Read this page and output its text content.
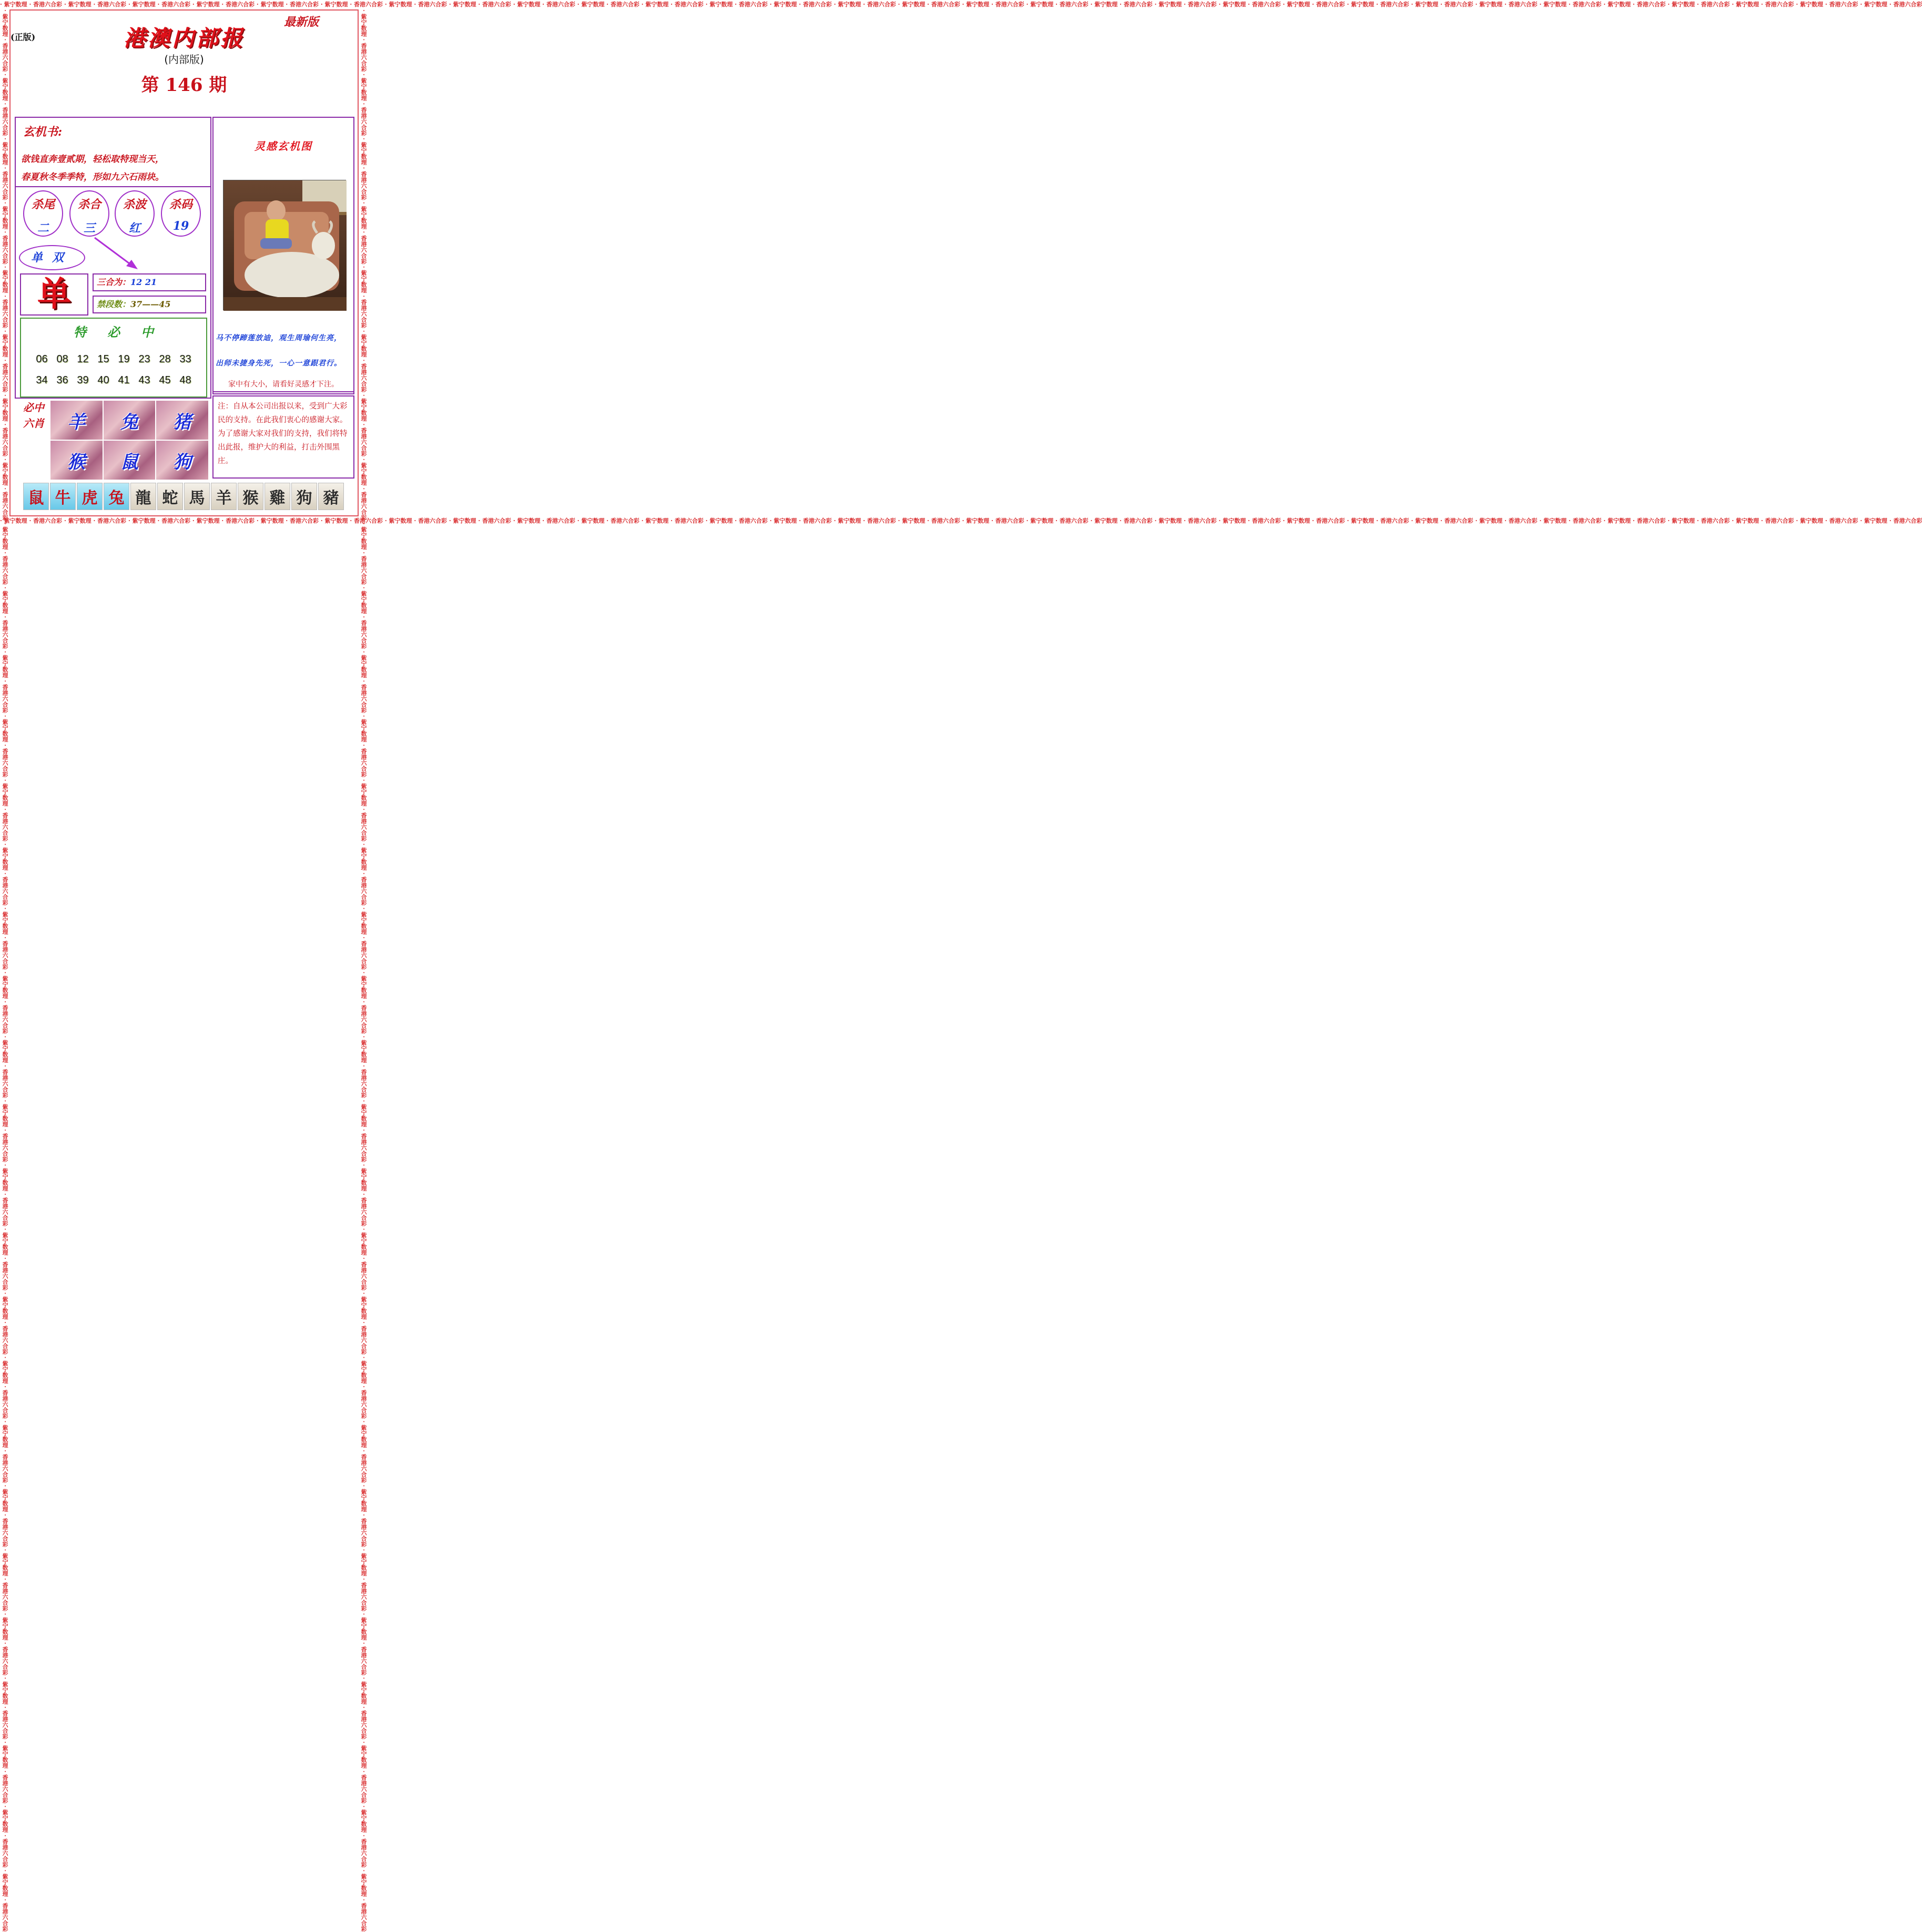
· 紫宁数理 · 香港六合彩 · 紫宁数理 · 香港六合彩 · 紫宁数理 · 香港六合彩 · 紫宁数理 · 香港六合彩 · 紫宁数理 · 香港六合彩 · 紫宁数理 · 香港六合彩 · 紫宁数理 · 香港六合彩 · 紫宁数理 · 香港六合彩 · 紫宁数理 · 香港六合彩 · 紫宁数理 · 香港六合彩 · 紫宁数理 · 香港六合彩 · 紫宁数理 · 香港六合彩 · 紫宁数理 · 香港六合彩 · 紫宁数理 · 香港六合彩 · 紫宁数理 · 香港六合彩 · 紫宁数理 · 香港六合彩 · 紫宁数理 · 香港六合彩 · 紫宁数理 · 香港六合彩 · 紫宁数理 · 香港六合彩 · 紫宁数理 · 香港六合彩 · 紫宁数理 · 香港六合彩 · 紫宁数理 · 香港六合彩 · 紫宁数理 · 香港六合彩 · 紫宁数理 · 香港六合彩 · 紫宁数理 · 香港六合彩 · 紫宁数理 · 香港六合彩 · 紫宁数理 · 香港六合彩 · 紫宁数理 · 香港六合彩 · 紫宁数理 · 香港六合彩 · 紫宁数理 · 香港六合彩
· 紫宁数理 · 香港六合彩 · 紫宁数理 · 香港六合彩 · 紫宁数理 · 香港六合彩 · 紫宁数理 · 香港六合彩 · 紫宁数理 · 香港六合彩 · 紫宁数理 · 香港六合彩 · 紫宁数理 · 香港六合彩 · 紫宁数理 · 香港六合彩 · 紫宁数理 · 香港六合彩 · 紫宁数理 · 香港六合彩 · 紫宁数理 · 香港六合彩 · 紫宁数理 · 香港六合彩 · 紫宁数理 · 香港六合彩 · 紫宁数理 · 香港六合彩 · 紫宁数理 · 香港六合彩 · 紫宁数理 · 香港六合彩 · 紫宁数理 · 香港六合彩 · 紫宁数理 · 香港六合彩 · 紫宁数理 · 香港六合彩 · 紫宁数理 · 香港六合彩 · 紫宁数理 · 香港六合彩 · 紫宁数理 · 香港六合彩 · 紫宁数理 · 香港六合彩 · 紫宁数理 · 香港六合彩 · 紫宁数理 · 香港六合彩 · 紫宁数理 · 香港六合彩 · 紫宁数理 · 香港六合彩 · 紫宁数理 · 香港六合彩 · 紫宁数理 · 香港六合彩 · 紫宁数理 · 香港六合彩
· 紫宁数理 · 香港六合彩 · 紫宁数理 · 香港六合彩 · 紫宁数理 · 香港六合彩 · 紫宁数理 · 香港六合彩 · 紫宁数理 · 香港六合彩 · 紫宁数理 · 香港六合彩 · 紫宁数理 · 香港六合彩 · 紫宁数理 · 香港六合彩 · 紫宁数理 · 香港六合彩 · 紫宁数理 · 香港六合彩 · 紫宁数理 · 香港六合彩 · 紫宁数理 · 香港六合彩 · 紫宁数理 · 香港六合彩 · 紫宁数理 · 香港六合彩 · 紫宁数理 · 香港六合彩 · 紫宁数理 · 香港六合彩 · 紫宁数理 · 香港六合彩 · 紫宁数理 · 香港六合彩 · 紫宁数理 · 香港六合彩 · 紫宁数理 · 香港六合彩 · 紫宁数理 · 香港六合彩 · 紫宁数理 · 香港六合彩 · 紫宁数理 · 香港六合彩 · 紫宁数理 · 香港六合彩 · 紫宁数理 · 香港六合彩 · 紫宁数理 · 香港六合彩 · 紫宁数理 · 香港六合彩 · 紫宁数理 · 香港六合彩 · 紫宁数理 · 香港六合彩 · 紫宁数理 · 香港六合彩	· 紫宁数理 · 香港六合彩 · 紫宁数理 · 香港六合彩 · 紫宁数理 · 香港六合彩 · 紫宁数理 · 香港六合彩 · 紫宁数理 · 香港六合彩 · 紫宁数理 · 香港六合彩 · 紫宁数理 · 香港六合彩 · 紫宁数理 · 香港六合彩 · 紫宁数理 · 香港六合彩 · 紫宁数理 · 香港六合彩 · 紫宁数理 · 香港六合彩 · 紫宁数理 · 香港六合彩 · 紫宁数理 · 香港六合彩 · 紫宁数理 · 香港六合彩 · 紫宁数理 · 香港六合彩 · 紫宁数理 · 香港六合彩 · 紫宁数理 · 香港六合彩 · 紫宁数理 · 香港六合彩 · 紫宁数理 · 香港六合彩 · 紫宁数理 · 香港六合彩 · 紫宁数理 · 香港六合彩 · 紫宁数理 · 香港六合彩 · 紫宁数理 · 香港六合彩 · 紫宁数理 · 香港六合彩 · 紫宁数理 · 香港六合彩 · 紫宁数理 · 香港六合彩 · 紫宁数理 · 香港六合彩 · 紫宁数理 · 香港六合彩 · 紫宁数理 · 香港六合彩 · 紫宁数理 · 香港六合彩
(正版)
最新版
港澳内部报
(内部版)
第 146 期
玄机书:
欲钱直奔壹贰期，轻松取特现当天，
春夏秋冬季季特，形如九六石雨块。
杀尾
二
杀合
三
杀波
红
杀码
19
单双
单	三合为：12 21
禁段数：37——45
特必中
06 08 12 15 19 23 28 33
34 36 39 40 41 43 45 48
必中六肖	羊	兔	猪
猴	鼠	狗
灵感玄机图
马不停蹄莲放迪，观生周瑜何生亮，
出师未捷身先死，一心一意跟君行。
家中有大小，请看好灵感才下注。
注：自从本公司出报以来，受到广大彩民的支持。在此我们衷心的感谢大家。为了感谢大家对我们的支持，我们将特出此报，维护大的利益，打击外围黑庄。
鼠 牛 虎 兔 龍 蛇 馬 羊 猴 雞 狗 豬
